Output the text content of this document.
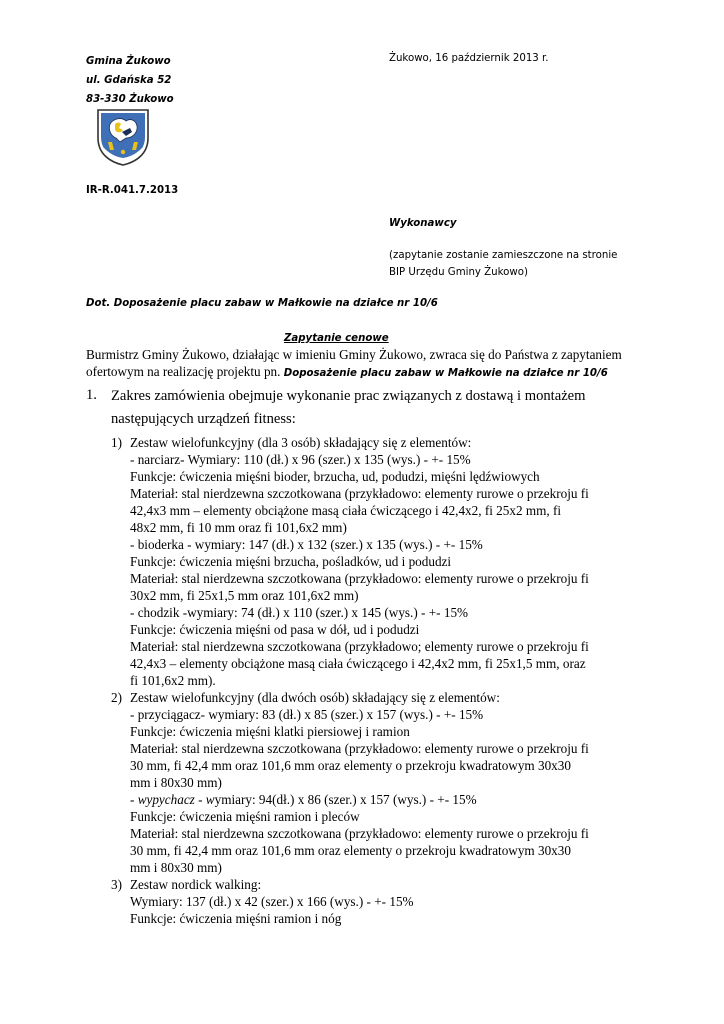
Gmina Żukowo
ul. Gdańska 52
83-330 Żukowo
Żukowo, 16 październik 2013 r.
IR-R.041.7.2013
Wykonawcy
(zapytanie zostanie zamieszczone na stronie
BIP Urzędu Gminy Żukowo)
Dot. Doposażenie placu zabaw w Małkowie na działce nr 10/6
Zapytanie cenowe
Burmistrz Gminy Żukowo, działając w imieniu Gminy Żukowo, zwraca się do Państwa z zapytaniem
ofertowym na realizację projektu pn. Doposażenie placu zabaw w Małkowie na działce nr 10/6
1. Zakres zamówienia obejmuje wykonanie prac związanych z dostawą i montażem
następujących urządzeń fitness:
1) Zestaw wielofunkcyjny (dla 3 osób) składający się z elementów:
- narciarz- Wymiary: 110 (dł.) x 96 (szer.) x 135 (wys.) - +- 15%
Funkcje: ćwiczenia mięśni bioder, brzucha, ud, podudzi, mięśni lędźwiowych
Materiał: stal nierdzewna szczotkowana (przykładowo: elementy rurowe o przekroju fi
42,4x3 mm – elementy obciążone masą ciała ćwiczącego i 42,4x2, fi 25x2 mm, fi
48x2 mm, fi 10 mm oraz fi 101,6x2 mm)
- bioderka - wymiary: 147 (dł.) x 132 (szer.) x 135 (wys.) - +- 15%
Funkcje: ćwiczenia mięśni brzucha, pośladków, ud i podudzi
Materiał: stal nierdzewna szczotkowana (przykładowo: elementy rurowe o przekroju fi
30x2 mm, fi 25x1,5 mm oraz 101,6x2 mm)
- chodzik -wymiary: 74 (dł.) x 110 (szer.) x 145 (wys.) - +- 15%
Funkcje: ćwiczenia mięśni od pasa w dół, ud i podudzi
Materiał: stal nierdzewna szczotkowana (przykładowo; elementy rurowe o przekroju fi
42,4x3 – elementy obciążone masą ciała ćwiczącego i 42,4x2 mm, fi 25x1,5 mm, oraz
fi 101,6x2 mm).
2) Zestaw wielofunkcyjny (dla dwóch osób) składający się z elementów:
- przyciągacz- wymiary: 83 (dł.) x 85 (szer.) x 157 (wys.) - +- 15%
Funkcje: ćwiczenia mięśni klatki piersiowej i ramion
Materiał: stal nierdzewna szczotkowana (przykładowo: elementy rurowe o przekroju fi
30 mm, fi 42,4 mm oraz 101,6 mm oraz elementy o przekroju kwadratowym 30x30
mm i 80x30 mm)
- wypychacz - wymiary: 94(dł.) x 86 (szer.) x 157 (wys.) - +- 15%
Funkcje: ćwiczenia mięśni ramion i pleców
Materiał: stal nierdzewna szczotkowana (przykładowo: elementy rurowe o przekroju fi
30 mm, fi 42,4 mm oraz 101,6 mm oraz elementy o przekroju kwadratowym 30x30
mm i 80x30 mm)
3) Zestaw nordick walking:
Wymiary: 137 (dł.) x 42 (szer.) x 166 (wys.) - +- 15%
Funkcje: ćwiczenia mięśni ramion i nóg
